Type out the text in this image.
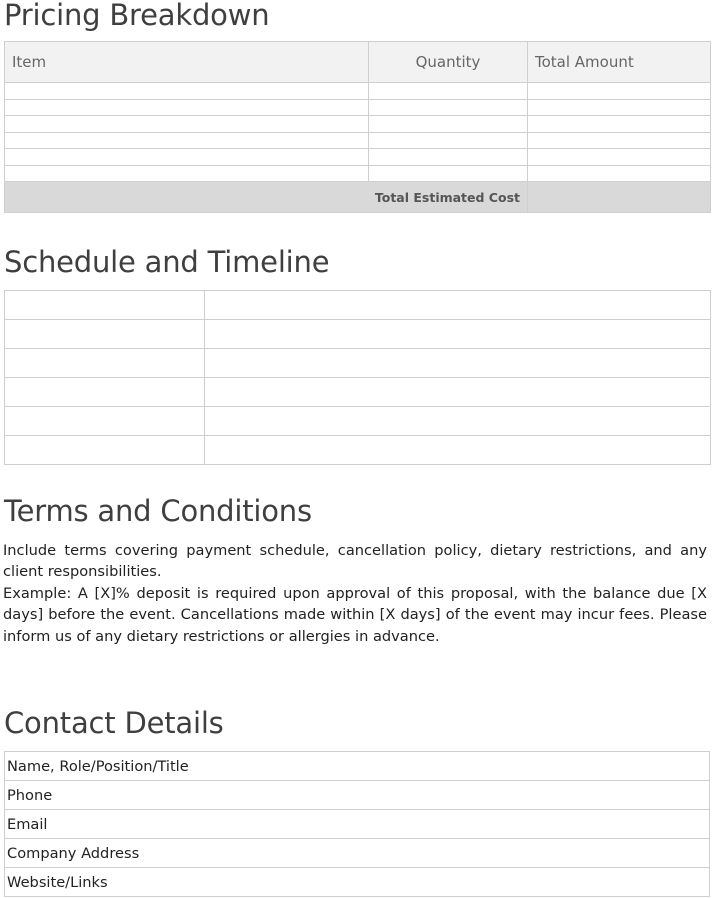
Pricing Breakdown
Item	Quantity	Total Amount

Total Estimated Cost		
Schedule and Timeline

Terms and Conditions

Include terms covering payment schedule, cancellation policy, dietary restrictions, and any client responsibilities.

Example: A [X]% deposit is required upon approval of this proposal, with the balance due [X days] before the event. Cancellations made within [X days] of the event may incur fees. Please inform us of any dietary restrictions or allergies in advance.

Contact Details
Name, Role/Position/Title
Phone
Email
Company Address
Website/Links
